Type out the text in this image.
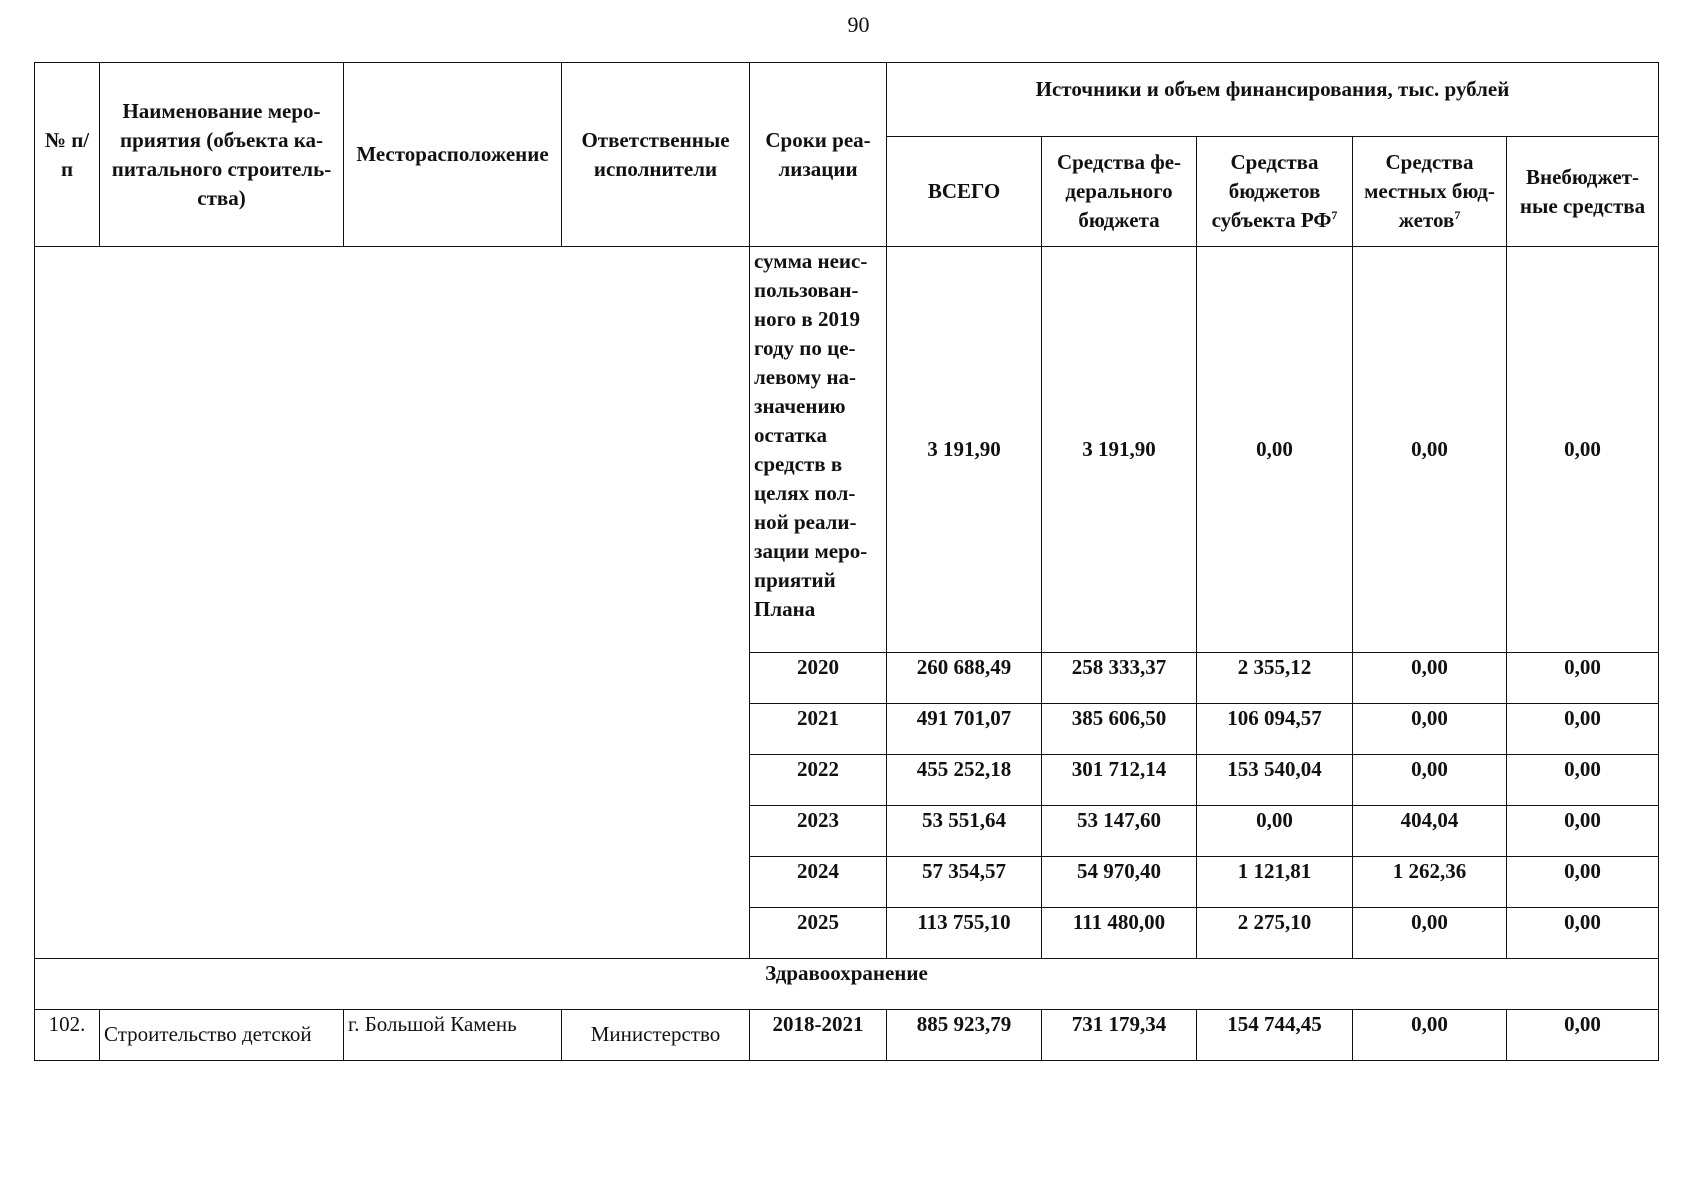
90
№ п/п	Наименование меро- приятия (объекта ка- питального строитель- ства)	Месторасположение	Ответственные исполнители	Сроки реа- лизации	Источники и объем финансирования, тыс. рублей				
					ВСЕГО	Средства фе- дерального бюджета	Средства бюджетов субъекта $РФ^7$	Средства местных бюд- жетов$^7$	Внебюджет- ные средства
				сумма неис- пользован- ного в 2019 году по це- левому на- значению остатка средств в целях пол- ной реали- зации меро- приятий Плана	3 191,90	3 191,90	0,00	0,00	0,00
				2020	260 688,49	258 333,37	2 355,12	0,00	0,00
				2021	491 701,07	385 606,50	106 094,57	0,00	0,00
				2022	455 252,18	301 712,14	153 540,04	0,00	0,00
				2023	53 551,64	53 147,60	0,00	404,04	0,00
				2024	57 354,57	54 970,40	1 121,81	1 262,36	0,00
				2025	113 755,10	111 480,00	2 275,10	0,00	0,00
Здравоохранение									
102.	Строительство детской	г. Большой Камень	Министерство	2018-2021	885 923,79	731 179,34	154 744,45	0,00	0,00
